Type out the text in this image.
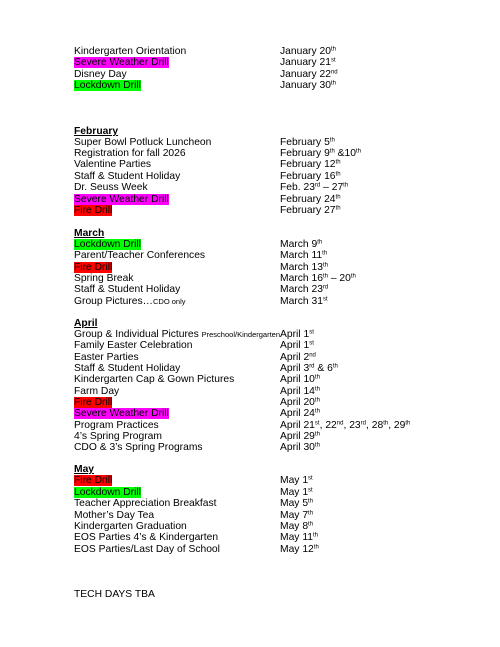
Kindergarten Orientation	January 20th
Severe Weather Drill	January 21st
Disney Day	January 22nd
Lockdown Drill	January 30th
February
Super Bowl Potluck Luncheon	February 5th
Registration for fall 2026	February 9th &10th
Valentine Parties	February 12th
Staff & Student Holiday	February 16th
Dr. Seuss Week	Feb. 23rd – 27th
Severe Weather Drill	February 24th
Fire Drill	February 27th
March
Lockdown Drill	March 9th
Parent/Teacher Conferences	March 11th
Fire Drill	March 13th
Spring Break	March 16th – 20th
Staff & Student Holiday	March 23rd
Group Pictures…CDO only	March 31st
April
Group & Individual Pictures Preschool/Kindergarten April 1st
Family Easter Celebration	April 1st
Easter Parties	April 2nd
Staff & Student Holiday	April 3rd & 6th
Kindergarten Cap & Gown Pictures	April 10th
Farm Day	April 14th
Fire Drill	April 20th
Severe Weather Drill	April 24th
Program Practices	April 21st, 22nd, 23rd, 28th, 29th
4’s Spring Program	April 29th
CDO & 3’s Spring Programs	April 30th
May
Fire Drill	May 1st
Lockdown Drill	May 1st
Teacher Appreciation Breakfast	May 5th
Mother’s Day Tea	May 7th
Kindergarten Graduation	May 8th
EOS Parties 4’s & Kindergarten	May 11th
EOS Parties/Last Day of School	May 12th
TECH DAYS TBA
